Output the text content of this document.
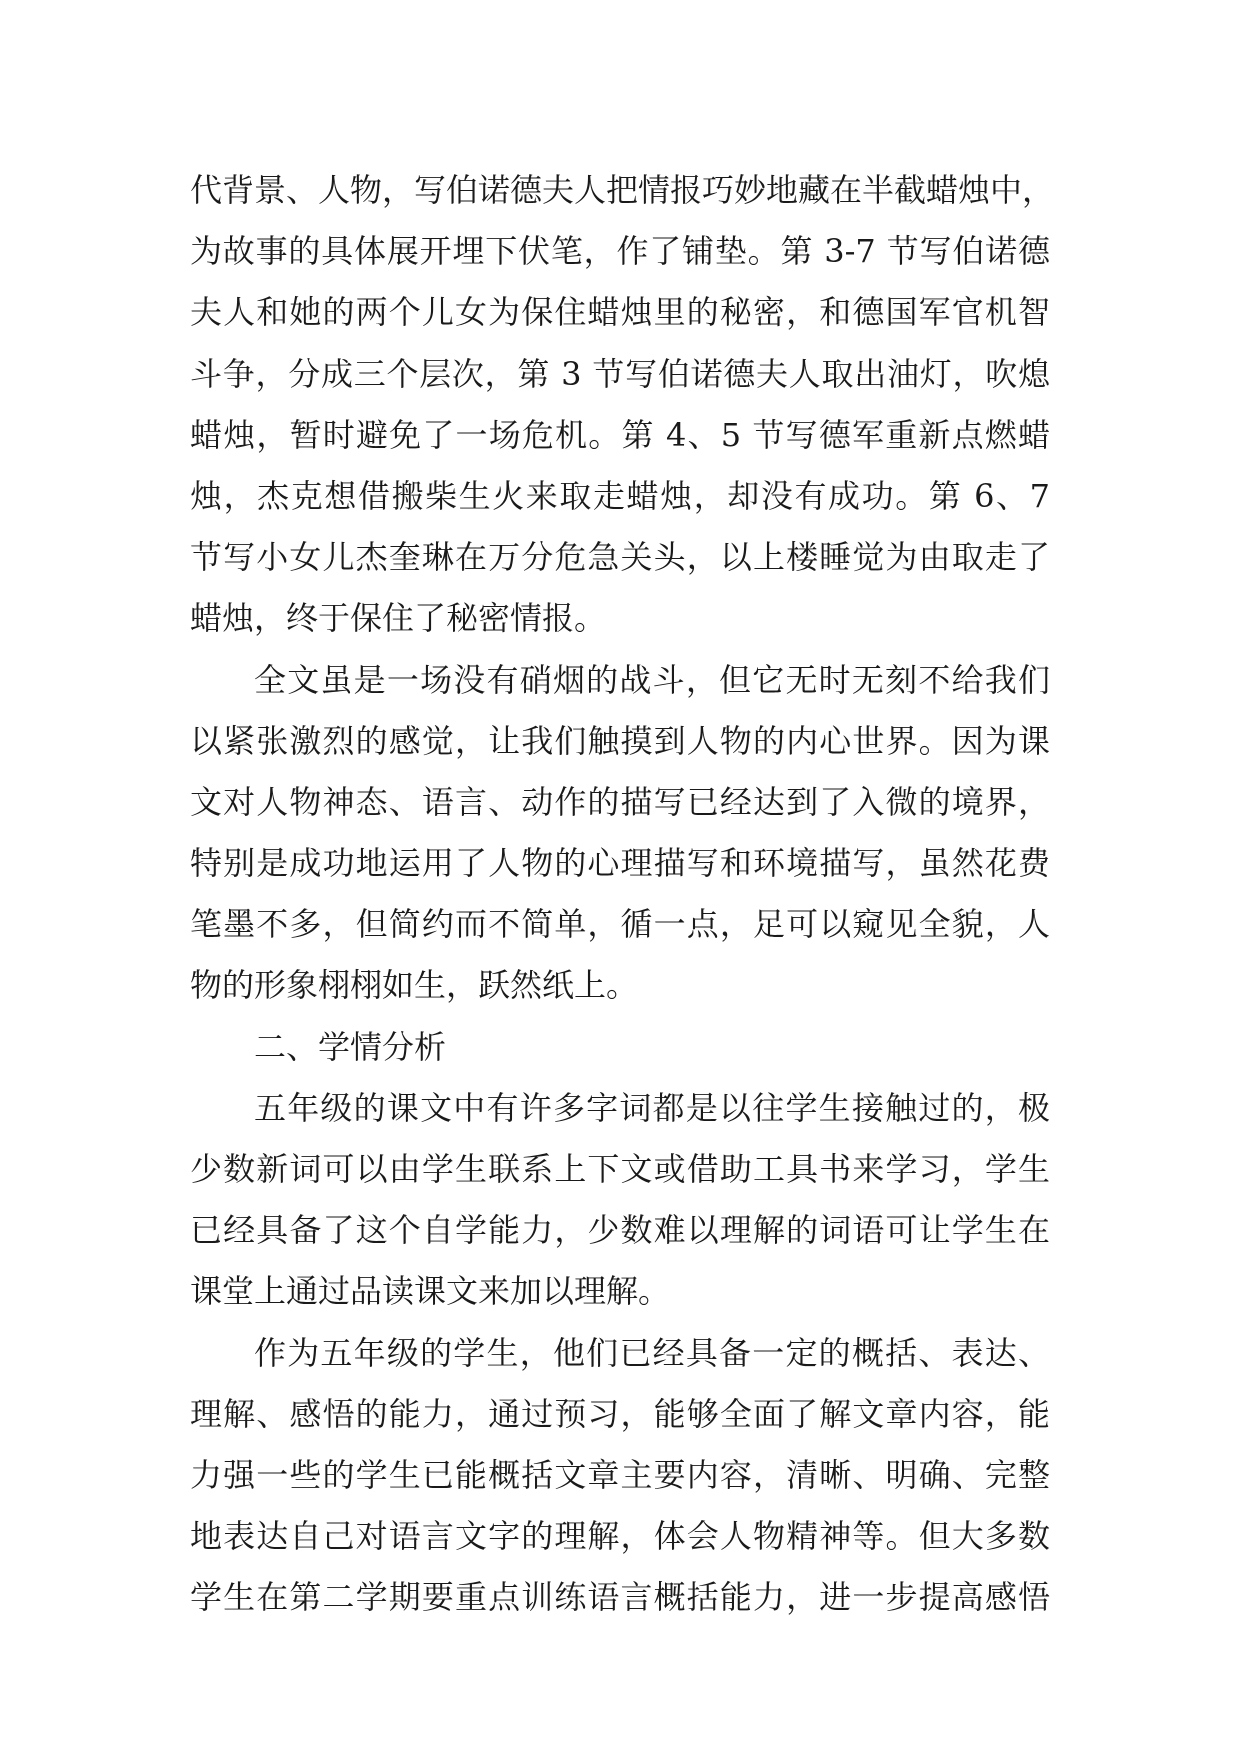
代背景、人物，写伯诺德夫人把情报巧妙地藏在半截蜡烛中，
为故事的具体展开埋下伏笔，作了铺垫。第 3-7 节写伯诺德
夫人和她的两个儿女为保住蜡烛里的秘密，和德国军官机智
斗争，分成三个层次，第 3 节写伯诺德夫人取出油灯，吹熄
蜡烛，暂时避免了一场危机。第 4、5 节写德军重新点燃蜡
烛，杰克想借搬柴生火来取走蜡烛，却没有成功。第 6、7
节写小女儿杰奎琳在万分危急关头，以上楼睡觉为由取走了
蜡烛，终于保住了秘密情报。
全文虽是一场没有硝烟的战斗，但它无时无刻不给我们
以紧张激烈的感觉，让我们触摸到人物的内心世界。因为课
文对人物神态、语言、动作的描写已经达到了入微的境界，
特别是成功地运用了人物的心理描写和环境描写，虽然花费
笔墨不多，但简约而不简单，循一点，足可以窥见全貌，人
物的形象栩栩如生，跃然纸上。
二、学情分析
五年级的课文中有许多字词都是以往学生接触过的，极
少数新词可以由学生联系上下文或借助工具书来学习，学生
已经具备了这个自学能力，少数难以理解的词语可让学生在
课堂上通过品读课文来加以理解。
作为五年级的学生，他们已经具备一定的概括、表达、
理解、感悟的能力，通过预习，能够全面了解文章内容，能
力强一些的学生已能概括文章主要内容，清晰、明确、完整
地表达自己对语言文字的理解，体会人物精神等。但大多数
学生在第二学期要重点训练语言概括能力，进一步提高感悟
